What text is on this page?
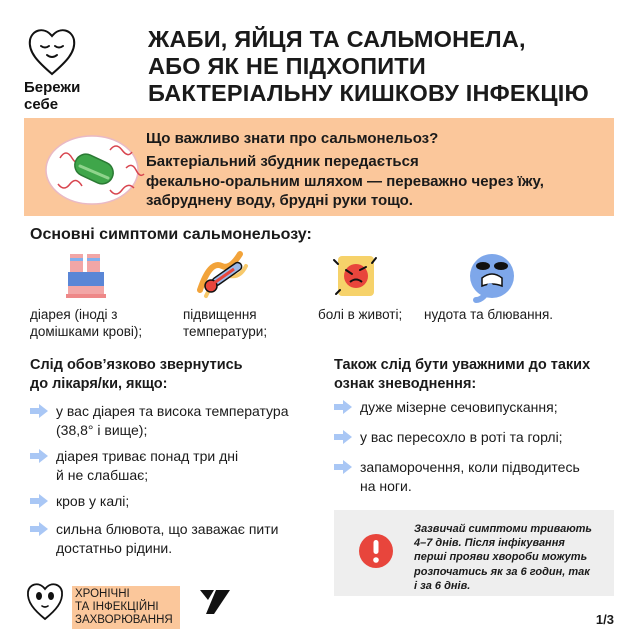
Бережи
себе
ЖАБИ, ЯЙЦЯ ТА САЛЬМОНЕЛА,
АБО ЯК НЕ ПІДХОПИТИ
БАКТЕРІАЛЬНУ КИШКОВУ ІНФЕКЦІЮ
Що важливо знати про сальмонельоз?
Бактеріальний збудник передається
фекально-оральним шляхом — переважно через їжу,
забруднену воду, брудні руки тощо.
Основні симптоми сальмонельозу:
діарея (іноді з
домішками крові);
підвищення
температури;
болі в животі; нудота та блювання.
Слід обов’язково звернутись
до лікаря/ки, якщо:
у вас діарея та висока температура
(38,8° і вище);
діарея триває понад три дні
й не слабшає;
кров у калі;
сильна блювота, що заважає пити
достатньо рідини.
Також слід бути уважними до таких
ознак зневоднення:
дуже мізерне сечовипускання;
у вас пересохло в роті та горлі;
запаморочення, коли підводитесь
на ноги.
Зазвичай симптоми тривають
4–7 днів. Після інфікування
перші прояви хвороби можуть
розпочатись як за 6 годин, так
і за 6 днів.
ХРОНІЧНІ
ТА ІНФЕКЦІЙНІ
ЗАХВОРЮВАННЯ	1/3
